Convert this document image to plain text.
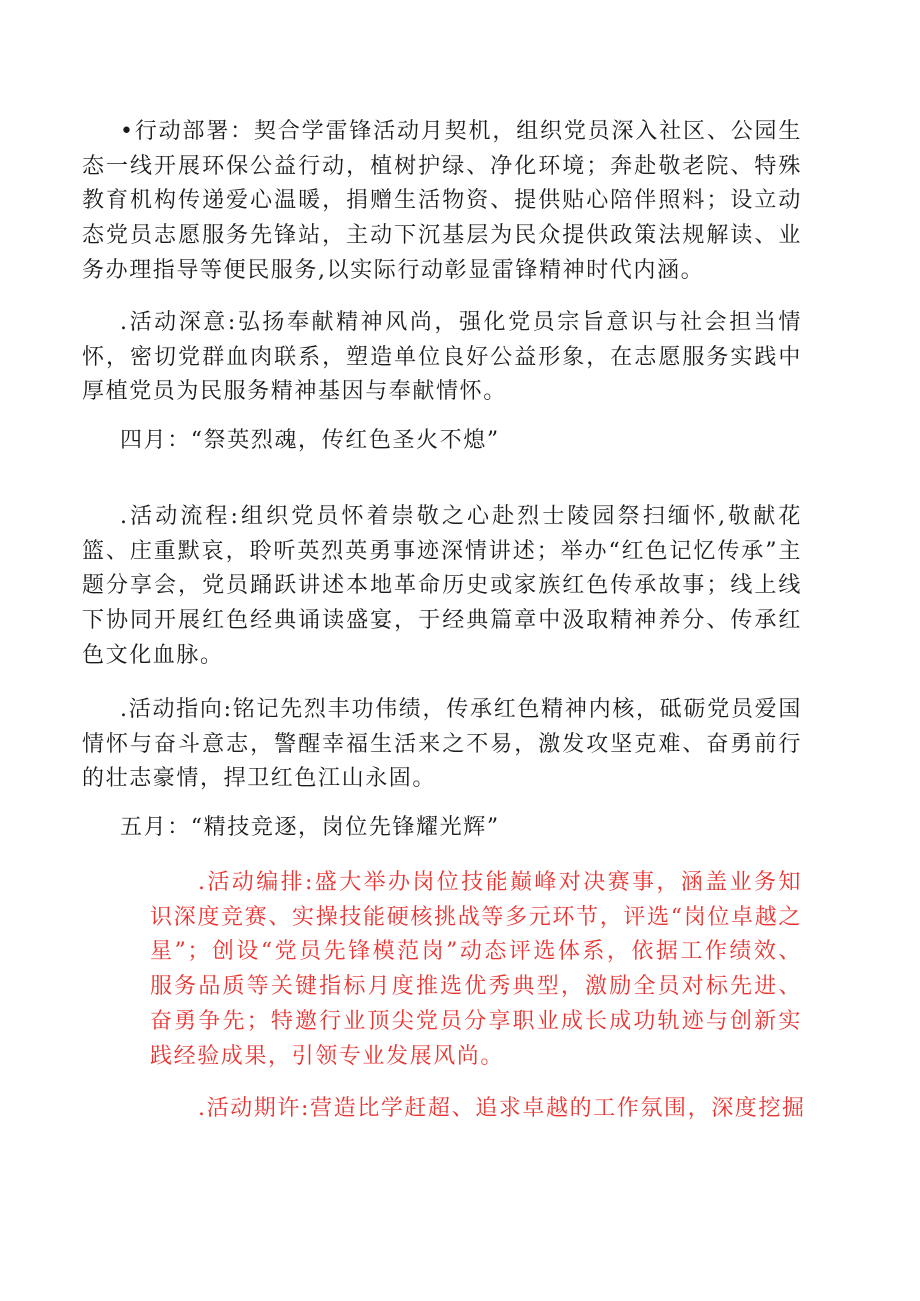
•行动部署：契合学雷锋活动月契机，组织党员深入社区、公园生态一线开展环保公益行动，植树护绿、净化环境；奔赴敬老院、特殊教育机构传递爱心温暖，捐赠生活物资、提供贴心陪伴照料；设立动态党员志愿服务先锋站，主动下沉基层为民众提供政策法规解读、业务办理指导等便民服务,以实际行动彰显雷锋精神时代内涵。

.活动深意:弘扬奉献精神风尚，强化党员宗旨意识与社会担当情怀，密切党群血肉联系，塑造单位良好公益形象，在志愿服务实践中厚植党员为民服务精神基因与奉献情怀。

四月：“祭英烈魂，传红色圣火不熄”

.活动流程:组织党员怀着崇敬之心赴烈士陵园祭扫缅怀,敬献花篮、庄重默哀，聆听英烈英勇事迹深情讲述；举办“红色记忆传承”主题分享会，党员踊跃讲述本地革命历史或家族红色传承故事；线上线下协同开展红色经典诵读盛宴，于经典篇章中汲取精神养分、传承红色文化血脉。

.活动指向:铭记先烈丰功伟绩，传承红色精神内核，砥砺党员爱国情怀与奋斗意志，警醒幸福生活来之不易，激发攻坚克难、奋勇前行的壮志豪情，捍卫红色江山永固。

五月：“精技竞逐，岗位先锋耀光辉”

.活动编排:盛大举办岗位技能巅峰对决赛事，涵盖业务知识深度竞赛、实操技能硬核挑战等多元环节，评选“岗位卓越之星”；创设“党员先锋模范岗”动态评选体系，依据工作绩效、服务品质等关键指标月度推选优秀典型，激励全员对标先进、奋勇争先；特邀行业顶尖党员分享职业成长成功轨迹与创新实践经验成果，引领专业发展风尚。

.活动期许:营造比学赶超、追求卓越的工作氛围，深度挖掘
